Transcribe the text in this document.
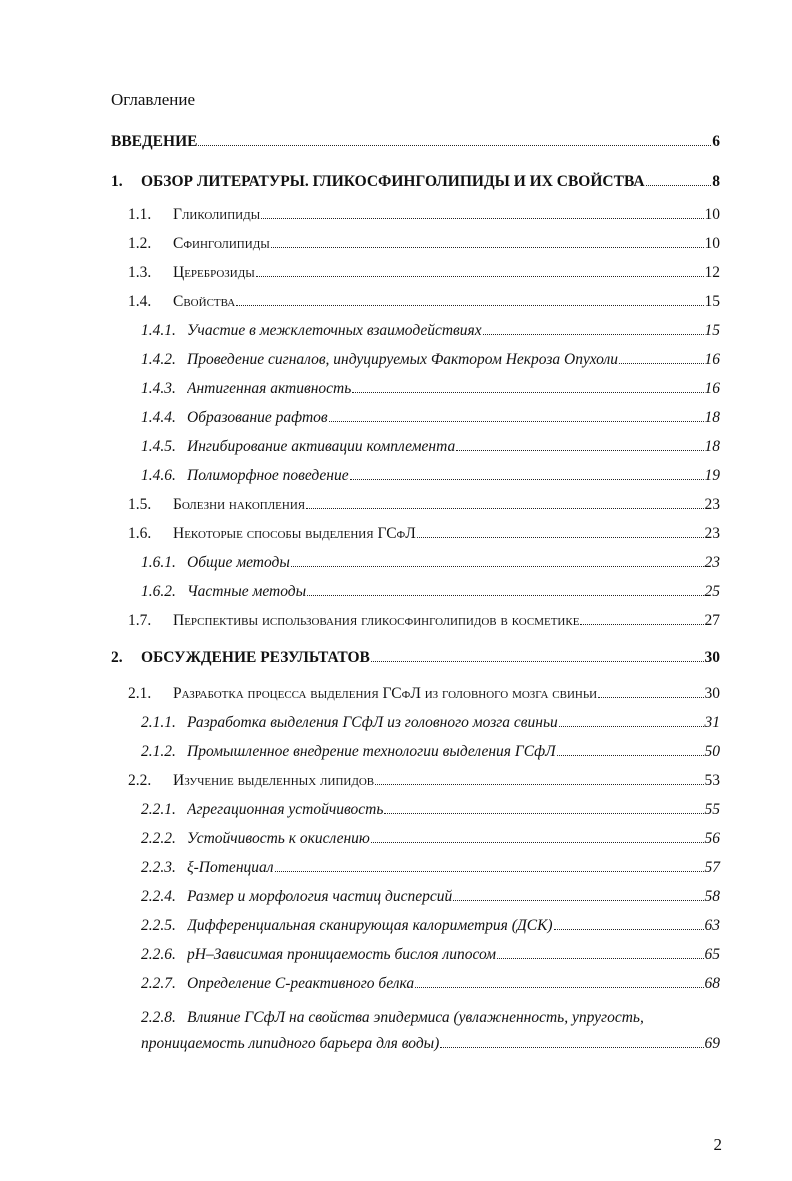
Оглавление
ВВЕДЕНИЕ	6
1.	ОБЗОР ЛИТЕРАТУРЫ. ГЛИКОСФИНГОЛИПИДЫ И ИХ СВОЙСТВА	8
1.1.	Гликолипиды	10
1.2.	Сфинголипиды	10
1.3.	Цереброзиды	12
1.4.	Свойства	15
1.4.1. Участие в межклеточных взаимодействиях	15
1.4.2. Проведение сигналов, индуцируемых Фактором Некроза Опухоли	16
1.4.3. Антигенная активность	16
1.4.4. Образование рафтов	18
1.4.5. Ингибирование активации комплемента	18
1.4.6. Полиморфное поведение	19
1.5.	Болезни накопления	23
1.6.	Некоторые способы выделения ГСфЛ	23
1.6.1. Общие методы	23
1.6.2. Частные методы	25
1.7.	Перспективы использования гликосфинголипидов в косметике	27
2.	ОБСУЖДЕНИЕ РЕЗУЛЬТАТОВ	30
2.1.	Разработка процесса выделения ГСфЛ из головного мозга свиньи	30
2.1.1. Разработка выделения ГСфЛ из головного мозга свиньи	31
2.1.2. Промышленное внедрение технологии выделения ГСфЛ	50
2.2.	Изучение выделенных липидов	53
2.2.1. Агрегационная устойчивость	55
2.2.2. Устойчивость к окислению	56
2.2.3. ξ-Потенциал	57
2.2.4. Размер и морфология частиц дисперсий	58
2.2.5. Дифференциальная сканирующая калориметрия (ДСК)	63
2.2.6. pH–Зависимая проницаемость бислоя липосом	65
2.2.7. Определение C-реактивного белка	68
2.2.8. Влияние ГСфЛ на свойства эпидермиса (увлажненность, упругость,
проницаемость липидного барьера для воды)	69
2
